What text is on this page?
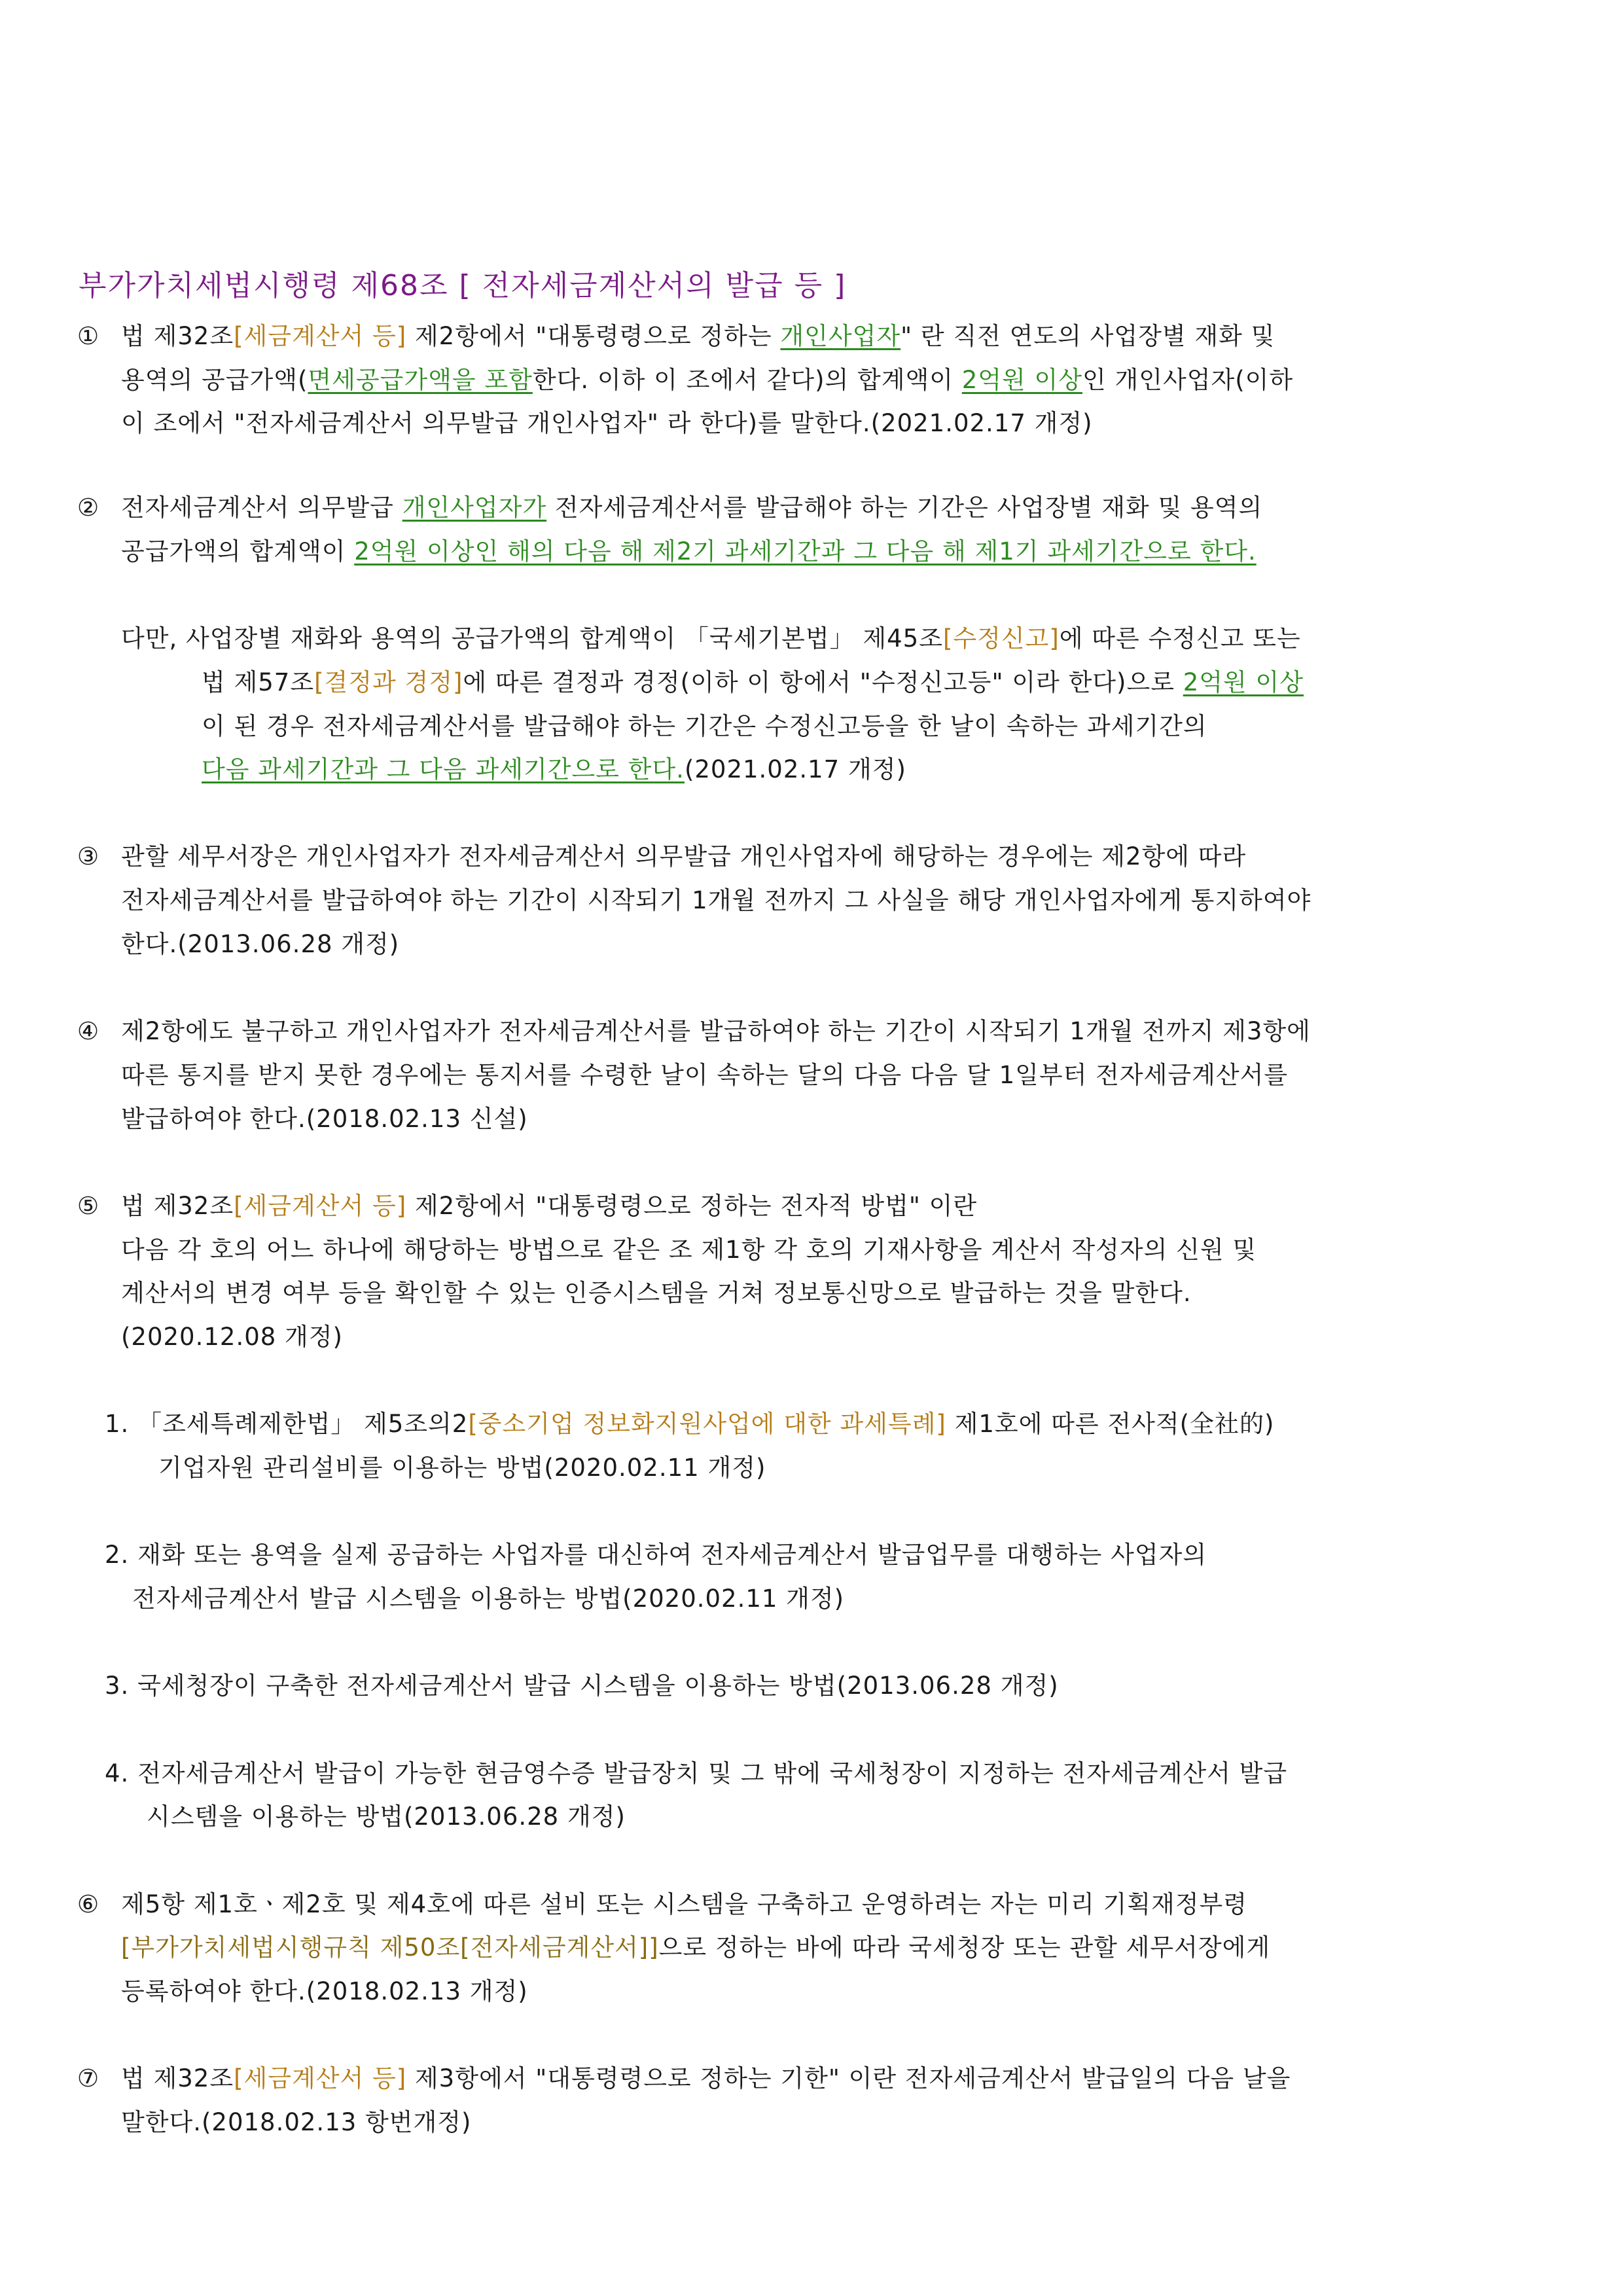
부가가치세법시행령 제68조 [ 전자세금계산서의 발급 등 ]
① 법 제32조[세금계산서 등] 제2항에서 "대통령령으로 정하는 개인사업자" 란 직전 연도의 사업장별 재화 및
용역의 공급가액(면세공급가액을 포함한다. 이하 이 조에서 같다)의 합계액이 2억원 이상인 개인사업자(이하
이 조에서 "전자세금계산서 의무발급 개인사업자" 라 한다)를 말한다.(2021.02.17 개정)
② 전자세금계산서 의무발급 개인사업자가 전자세금계산서를 발급해야 하는 기간은 사업장별 재화 및 용역의
공급가액의 합계액이 2억원 이상인 해의 다음 해 제2기 과세기간과 그 다음 해 제1기 과세기간으로 한다.
다만, 사업장별 재화와 용역의 공급가액의 합계액이 「국세기본법」 제45조[수정신고]에 따른 수정신고 또는
법 제57조[결정과 경정]에 따른 결정과 경정(이하 이 항에서 "수정신고등" 이라 한다)으로 2억원 이상
이 된 경우 전자세금계산서를 발급해야 하는 기간은 수정신고등을 한 날이 속하는 과세기간의
다음 과세기간과 그 다음 과세기간으로 한다.(2021.02.17 개정)
③ 관할 세무서장은 개인사업자가 전자세금계산서 의무발급 개인사업자에 해당하는 경우에는 제2항에 따라
전자세금계산서를 발급하여야 하는 기간이 시작되기 1개월 전까지 그 사실을 해당 개인사업자에게 통지하여야
한다.(2013.06.28 개정)
④ 제2항에도 불구하고 개인사업자가 전자세금계산서를 발급하여야 하는 기간이 시작되기 1개월 전까지 제3항에
따른 통지를 받지 못한 경우에는 통지서를 수령한 날이 속하는 달의 다음 다음 달 1일부터 전자세금계산서를
발급하여야 한다.(2018.02.13 신설)
⑤ 법 제32조[세금계산서 등] 제2항에서 "대통령령으로 정하는 전자적 방법" 이란
다음 각 호의 어느 하나에 해당하는 방법으로 같은 조 제1항 각 호의 기재사항을 계산서 작성자의 신원 및
계산서의 변경 여부 등을 확인할 수 있는 인증시스템을 거쳐 정보통신망으로 발급하는 것을 말한다.
(2020.12.08 개정)
1. 「조세특례제한법」 제5조의2[중소기업 정보화지원사업에 대한 과세특례] 제1호에 따른 전사적(全社的)
기업자원 관리설비를 이용하는 방법(2020.02.11 개정)
2. 재화 또는 용역을 실제 공급하는 사업자를 대신하여 전자세금계산서 발급업무를 대행하는 사업자의
전자세금계산서 발급 시스템을 이용하는 방법(2020.02.11 개정)
3. 국세청장이 구축한 전자세금계산서 발급 시스템을 이용하는 방법(2013.06.28 개정)
4. 전자세금계산서 발급이 가능한 현금영수증 발급장치 및 그 밖에 국세청장이 지정하는 전자세금계산서 발급
시스템을 이용하는 방법(2013.06.28 개정)
⑥ 제5항 제1호ㆍ제2호 및 제4호에 따른 설비 또는 시스템을 구축하고 운영하려는 자는 미리 기획재정부령
[부가가치세법시행규칙 제50조[전자세금계산서]]으로 정하는 바에 따라 국세청장 또는 관할 세무서장에게
등록하여야 한다.(2018.02.13 개정)
⑦ 법 제32조[세금계산서 등] 제3항에서 "대통령령으로 정하는 기한" 이란 전자세금계산서 발급일의 다음 날을
말한다.(2018.02.13 항번개정)
